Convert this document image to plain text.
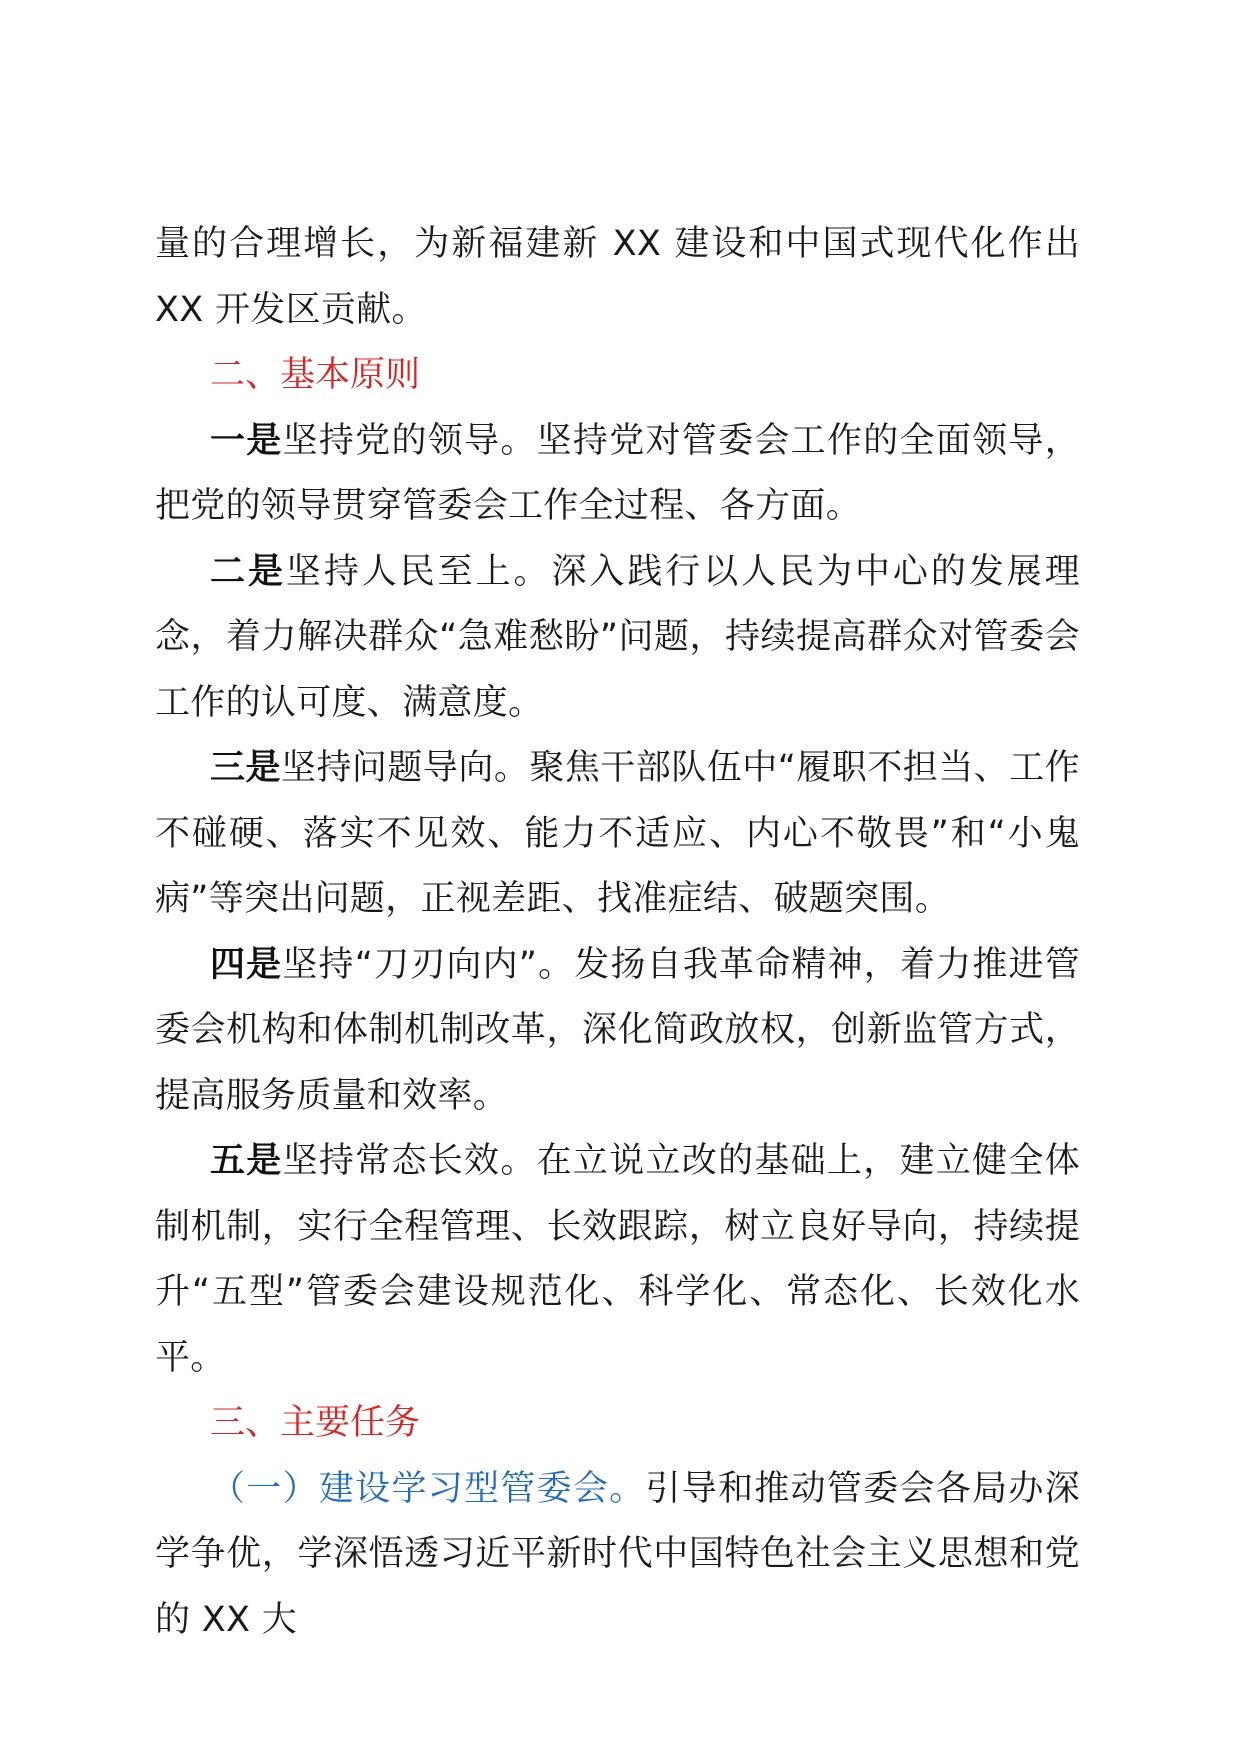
量的合理增长，为新福建新 XX 建设和中国式现代化作出 XX 开发区贡献。

二、基本原则

一是坚持党的领导。坚持党对管委会工作的全面领导，把党的领导贯穿管委会工作全过程、各方面。

二是坚持人民至上。深入践行以人民为中心的发展理念，着力解决群众“急难愁盼”问题，持续提高群众对管委会工作的认可度、满意度。

三是坚持问题导向。聚焦干部队伍中“履职不担当、工作不碰硬、落实不见效、能力不适应、内心不敬畏”和“小鬼病”等突出问题，正视差距、找准症结、破题突围。

四是坚持“刀刃向内”。发扬自我革命精神，着力推进管委会机构和体制机制改革，深化简政放权，创新监管方式，提高服务质量和效率。

五是坚持常态长效。在立说立改的基础上，建立健全体制机制，实行全程管理、长效跟踪，树立良好导向，持续提升“五型”管委会建设规范化、科学化、常态化、长效化水平。

三、主要任务

（一）建设学习型管委会。引导和推动管委会各局办深学争优，学深悟透习近平新时代中国特色社会主义思想和党的 XX 大
